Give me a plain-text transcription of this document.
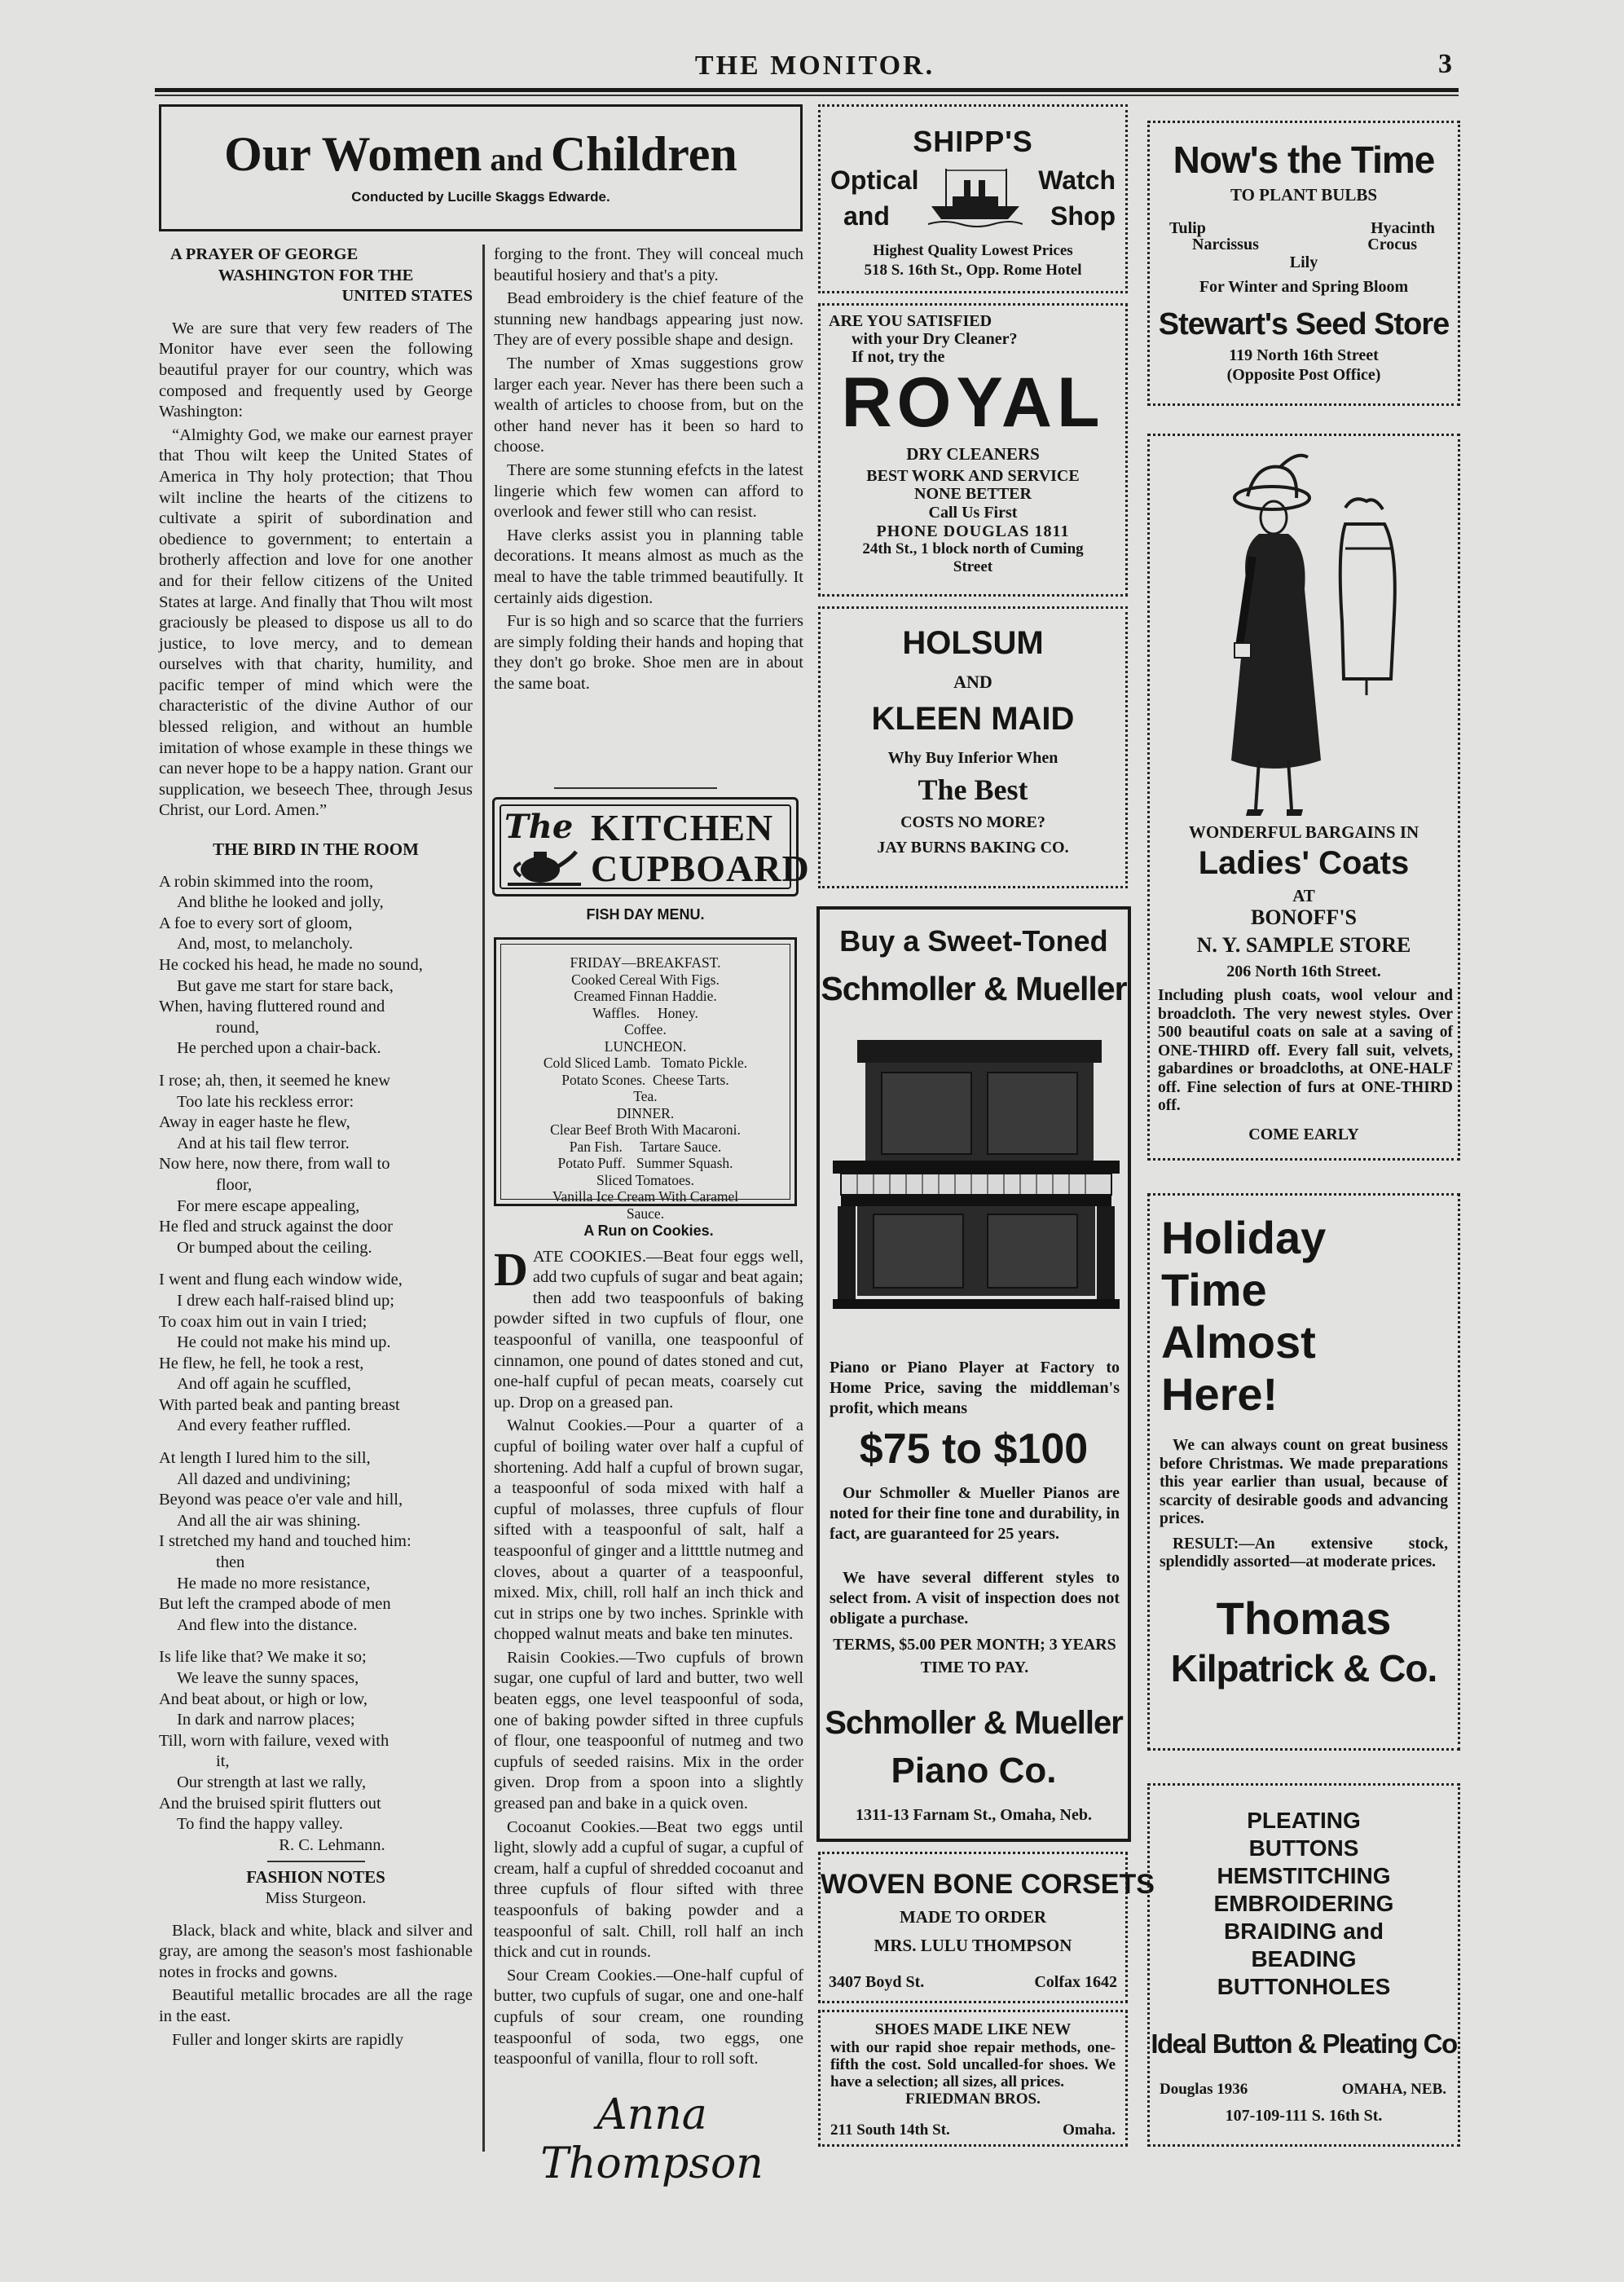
THE MONITOR.	3
Our Women and Children
Conducted by Lucille Skaggs Edwarde.
A PRAYER OF GEORGE
WASHINGTON FOR THE
UNITED STATES

We are sure that very few readers of The Monitor have ever seen the following beautiful prayer for our country, which was composed and frequently used by George Washington:

“Almighty God, we make our earnest prayer that Thou wilt keep the United States of America in Thy holy protection; that Thou wilt incline the hearts of the citizens to cultivate a spirit of subordination and obedience to government; to entertain a brotherly affection and love for one another and for their fellow citizens of the United States at large. And finally that Thou wilt most graciously be pleased to dispose us all to do justice, to love mercy, and to demean ourselves with that charity, humility, and pacific temper of mind which were the characteristic of the divine Author of our blessed religion, and without an humble imitation of whose example in these things we can never hope to be a happy nation. Grant our supplication, we beseech Thee, through Jesus Christ, our Lord. Amen.”

THE BIRD IN THE ROOM
A robin skimmed into the room,
And blithe he looked and jolly,
A foe to every sort of gloom,
And, most, to melancholy.
He cocked his head, he made no sound,
But gave me start for stare back,
When, having fluttered round and
round,
He perched upon a chair-back.
I rose; ah, then, it seemed he knew
Too late his reckless error:
Away in eager haste he flew,
And at his tail flew terror.
Now here, now there, from wall to
floor,
For mere escape appealing,
He fled and struck against the door
Or bumped about the ceiling.
I went and flung each window wide,
I drew each half-raised blind up;
To coax him out in vain I tried;
He could not make his mind up.
He flew, he fell, he took a rest,
And off again he scuffled,
With parted beak and panting breast
And every feather ruffled.
At length I lured him to the sill,
All dazed and undivining;
Beyond was peace o'er vale and hill,
And all the air was shining.
I stretched my hand and touched him:
then
He made no more resistance,
But left the cramped abode of men
And flew into the distance.
Is life like that? We make it so;
We leave the sunny spaces,
And beat about, or high or low,
In dark and narrow places;
Till, worn with failure, vexed with
it,
Our strength at last we rally,
And the bruised spirit flutters out
To find the happy valley.
R. C. Lehmann.
FASHION NOTES
Miss Sturgeon.

Black, black and white, black and silver and gray, are among the season's most fashionable notes in frocks and gowns.

Beautiful metallic brocades are all the rage in the east.

Fuller and longer skirts are rapidly

forging to the front. They will conceal much beautiful hosiery and that's a pity.

Bead embroidery is the chief feature of the stunning new handbags appearing just now. They are of every possible shape and design.

The number of Xmas suggestions grow larger each year. Never has there been such a wealth of articles to choose from, but on the other hand never has it been so hard to choose.

There are some stunning efefcts in the latest lingerie which few women can afford to overlook and fewer still who can resist.

Have clerks assist you in planning table decorations. It means almost as much as the meal to have the table trimmed beautifully. It certainly aids digestion.

Fur is so high and so scarce that the furriers are simply folding their hands and hoping that they don't go broke. Shoe men are in about the same boat.

The KITCHEN
CUPBOARD
FISH DAY MENU.
FRIDAY—BREAKFAST.
Cooked Cereal With Figs.
Creamed Finnan Haddie.
Waffles.     Honey.
Coffee.
LUNCHEON.
Cold Sliced Lamb.   Tomato Pickle.
Potato Scones.  Cheese Tarts.
Tea.
DINNER.
Clear Beef Broth With Macaroni.
Pan Fish.     Tartare Sauce.
Potato Puff.   Summer Squash.
Sliced Tomatoes.
Vanilla Ice Cream With Caramel
Sauce.
A Run on Cookies.

DATE COOKIES.—Beat four eggs well, add two cupfuls of sugar and beat again; then add two teaspoonfuls of baking powder sifted in two cupfuls of flour, one teaspoonful of vanilla, one teaspoonful of cinnamon, one pound of dates stoned and cut, one-half cupful of pecan meats, coarsely cut up. Drop on a greased pan.

Walnut Cookies.—Pour a quarter of a cupful of boiling water over half a cupful of shortening. Add half a cupful of brown sugar, a teaspoonful of soda mixed with half a cupful of molasses, three cupfuls of flour sifted with a teaspoonful of salt, half a teaspoonful of ginger and a littttle nutmeg and cloves, about a quarter of a teaspoonful, mixed. Mix, chill, roll half an inch thick and cut in strips one by two inches. Sprinkle with chopped walnut meats and bake ten minutes.

Raisin Cookies.—Two cupfuls of brown sugar, one cupful of lard and butter, two well beaten eggs, one level teaspoonful of soda, one of baking powder sifted in three cupfuls of flour, one teaspoonful of nutmeg and two cupfuls of seeded raisins. Mix in the order given. Drop from a spoon into a slightly greased pan and bake in a quick oven.

Cocoanut Cookies.—Beat two eggs until light, slowly add a cupful of sugar, a cupful of cream, half a cupful of shredded cocoanut and three cupfuls of flour sifted with three teaspoonfuls of baking powder and a teaspoonful of salt. Chill, roll half an inch thick and cut in rounds.

Sour Cream Cookies.—One-half cupful of butter, two cupfuls of sugar, one and one-half cupfuls of sour cream, one rounding teaspoonful of soda, two eggs, one teaspoonful of vanilla, flour to roll soft.

Anna Thompson
SHIPP'S
Optical
and
Watch
Shop
Highest Quality Lowest Prices
518 S. 16th St., Opp. Rome Hotel
ARE YOU SATISFIED
with your Dry Cleaner?
If not, try the
ROYAL
DRY CLEANERS
BEST WORK AND SERVICE
NONE BETTER
Call Us First
PHONE DOUGLAS 1811
24th St., 1 block north of Cuming
Street
HOLSUM
AND
KLEEN MAID
Why Buy Inferior When
The Best
COSTS NO MORE?
JAY BURNS BAKING CO.
Buy a Sweet-Toned
Schmoller & Mueller
Piano or Piano Player at Factory to Home Price, saving the middleman's profit, which means
$75 to $100
Our Schmoller & Mueller Pianos are noted for their fine tone and durability, in fact, are guaranteed for 25 years.
We have several different styles to select from. A visit of inspection does not obligate a purchase.
TERMS, $5.00 PER MONTH; 3 YEARS TIME TO PAY.
Schmoller & Mueller
Piano Co.
1311-13 Farnam St., Omaha, Neb.
WOVEN BONE CORSETS
MADE TO ORDER
MRS. LULU THOMPSON
3407 Boyd St.	Colfax 1642
SHOES MADE LIKE NEW
with our rapid shoe repair methods, one-fifth the cost. Sold uncalled-for shoes. We have a selection; all sizes, all prices.
FRIEDMAN BROS.
211 South 14th St.	Omaha.
Now's the Time
TO PLANT BULBS
Tulip	Hyacinth
Narcissus	Crocus
Lily
For Winter and Spring Bloom
Stewart's Seed Store
119 North 16th Street
(Opposite Post Office)
WONDERFUL BARGAINS IN
Ladies' Coats
AT
BONOFF'S
N. Y. SAMPLE STORE
206 North 16th Street.
Including plush coats, wool velour and broadcloth. The very newest styles. Over 500 beautiful coats on sale at a saving of ONE-THIRD off. Every fall suit, velvets, gabardines or broadcloths, at ONE-HALF off. Fine selection of furs at ONE-THIRD off.
COME EARLY
Holiday
Time
Almost
Here!
We can always count on great business before Christmas. We made preparations this year earlier than usual, because of scarcity of desirable goods and advancing prices.
RESULT:—An extensive stock, splendidly assorted—at moderate prices.
Thomas
Kilpatrick & Co.
PLEATING
BUTTONS
HEMSTITCHING
EMBROIDERING
BRAIDING and
BEADING
BUTTONHOLES
Ideal Button & Pleating Co
Douglas 1936	OMAHA, NEB.
107-109-111 S. 16th St.
